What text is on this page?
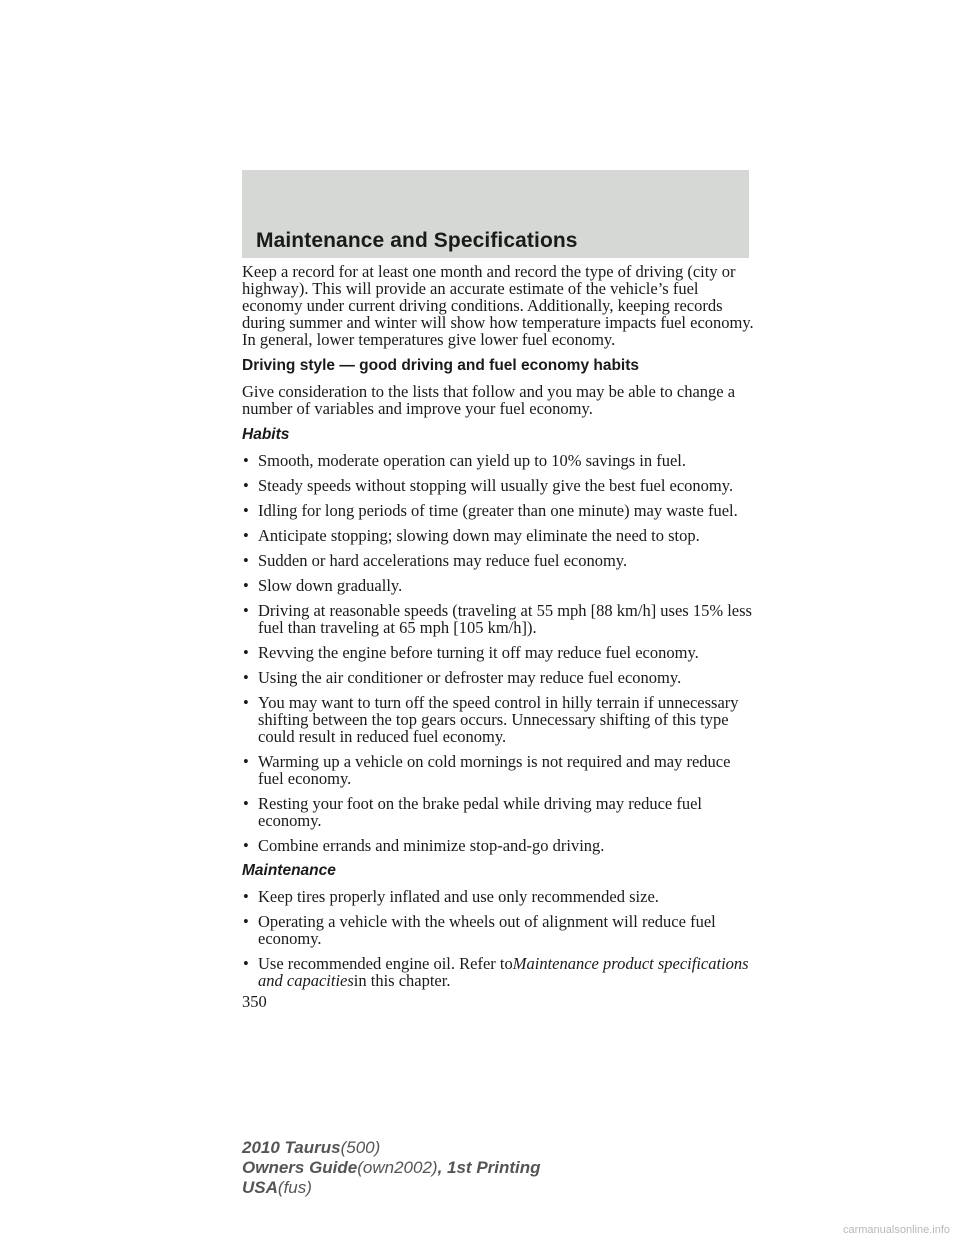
Maintenance and Specifications

Keep a record for at least one month and record the type of driving (city or highway). This will provide an accurate estimate of the vehicle’s fuel economy under current driving conditions. Additionally, keeping records during summer and winter will show how temperature impacts fuel economy. In general, lower temperatures give lower fuel economy.

Driving style — good driving and fuel economy habits

Give consideration to the lists that follow and you may be able to change a number of variables and improve your fuel economy.

Habits
• Smooth, moderate operation can yield up to 10% savings in fuel.
• Steady speeds without stopping will usually give the best fuel economy.
• Idling for long periods of time (greater than one minute) may waste fuel.
• Anticipate stopping; slowing down may eliminate the need to stop.
• Sudden or hard accelerations may reduce fuel economy.
• Slow down gradually.
• Driving at reasonable speeds (traveling at 55 mph [88 km/h] uses 15% less fuel than traveling at 65 mph [105 km/h]).
• Revving the engine before turning it off may reduce fuel economy.
• Using the air conditioner or defroster may reduce fuel economy.
• You may want to turn off the speed control in hilly terrain if unnecessary shifting between the top gears occurs. Unnecessary shifting of this type could result in reduced fuel economy.
• Warming up a vehicle on cold mornings is not required and may reduce fuel economy.
• Resting your foot on the brake pedal while driving may reduce fuel economy.
• Combine errands and minimize stop-and-go driving.
Maintenance
• Keep tires properly inflated and use only recommended size.
• Operating a vehicle with the wheels out of alignment will reduce fuel economy.
• Use recommended engine oil. Refer toMaintenance product specifications and capacitiesin this chapter.

350

2010 Taurus(500)
Owners Guide(own2002), 1st Printing
USA(fus)
carmanualsonline.info
